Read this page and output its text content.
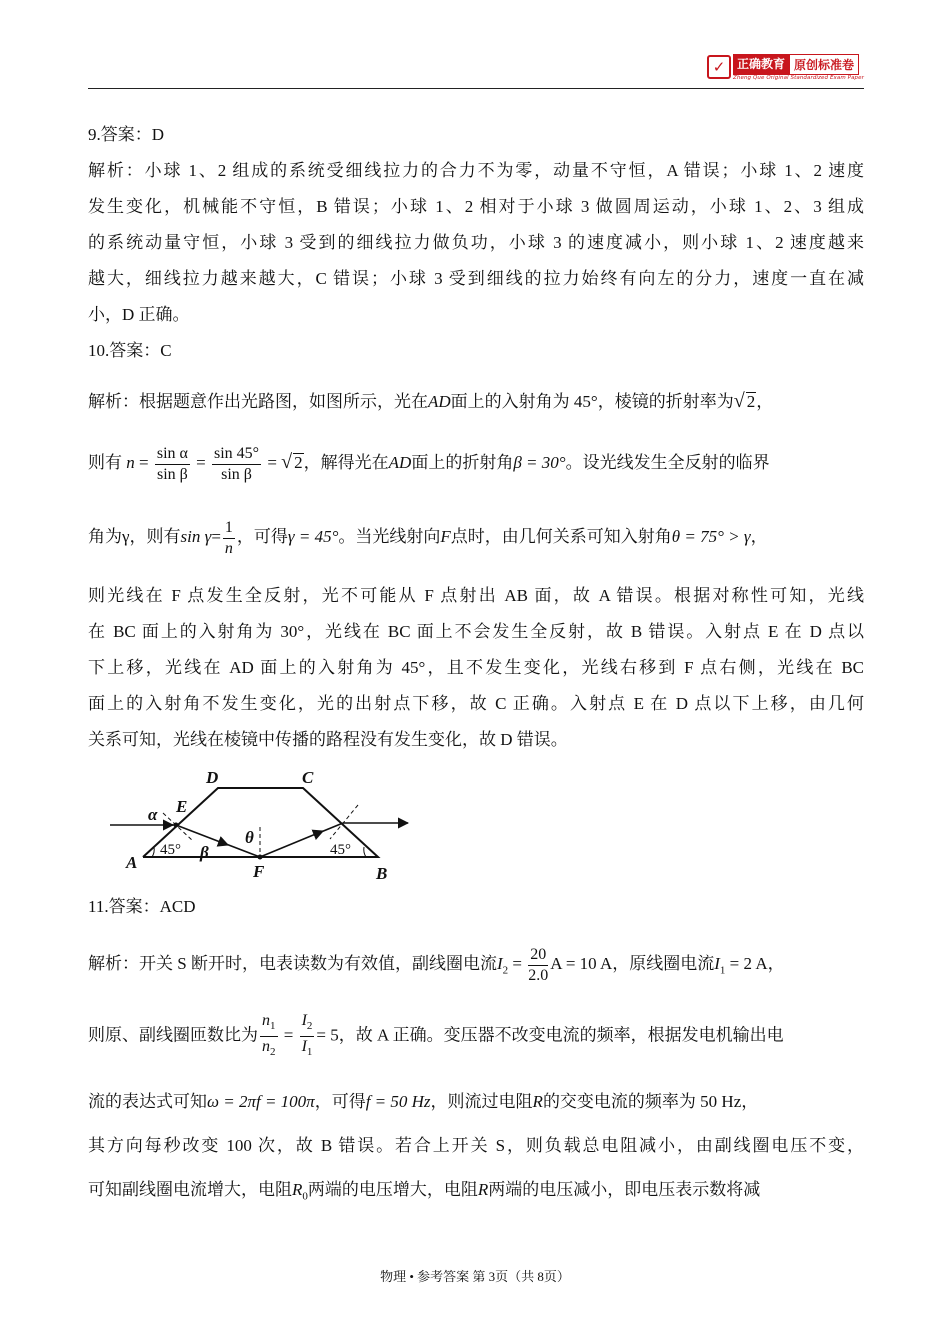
✓ 正确教育 原创标准卷
Zheng Que Original Standardized Exam Paper
9.答案：D
解析：小球 1、2 组成的系统受细线拉力的合力不为零，动量不守恒，A 错误；小球 1、2 速度
发生变化，机械能不守恒，B 错误；小球 1、2 相对于小球 3 做圆周运动，小球 1、2、3 组成
的系统动量守恒，小球 3 受到的细线拉力做负功，小球 3 的速度减小，则小球 1、2 速度越来
越大，细线拉力越来越大，C 错误；小球 3 受到细线的拉力始终有向左的分力，速度一直在减
小，D 正确。
10.答案：C
解析：根据题意作出光路图，如图所示，光在AD面上的入射角为 45°，棱镜的折射率为√ 2，
则有 $n = \frac{\text{sin α}}{\text{sin β}} = \frac{\sin 45^\circ}{\text{sin β}}$ = √ 2，解得光在AD面上的折射角β = 30°。设光线发生全反射的临界
角为γ，则有$\sin \gamma= \frac{1}{n}$ ，可得γ = 45°。当光线射向F点时，由几何关系可知入射角θ = 75° > γ，
则光线在 F 点发生全反射，光不可能从 F 点射出 AB 面，故 A 错误。根据对称性可知，光线
在 BC 面上的入射角为 30°，光线在 BC 面上不会发生全反射，故 B 错误。入射点 E 在 D 点以
下上移，光线在 AD 面上的入射角为 45°，且不发生变化，光线右移到 F 点右侧，光线在 BC
面上的入射角不发生变化，光的出射点下移，故 C 正确。入射点 E 在 D 点以下上移，由几何
关系可知，光线在棱镜中传播的路程没有发生变化，故 D 错误。
11.答案：ACD
解析：开关 S 断开时，电表读数为有效值，副线圈电流$I_2 = \frac{20}{2.0}$ A = 10 A，原线圈电流$I_1 = 2$ A，
则原、副线圈匝数比为 $\frac{n_1}{n_2} = \frac{I_2}{I_1} = 5$，故 A 正确。变压器不改变电流的频率，根据发电机输出电
流的表达式可知ω = 2πf = 100π，可得f = 50 Hz，则流过电阻R的交变电流的频率为 50 Hz，
其方向每秒改变 100 次，故 B 错误。若合上开关 S，则负载总电阻减小，由副线圈电压不变，
可知副线圈电流增大，电阻$R_0$两端的电压增大，电阻R两端的电压减小，即电压表示数将减
A
B
C
D
E
F
α
β
θ
45°	45°
物理 • 参考答案 第 3页（共 8页）
